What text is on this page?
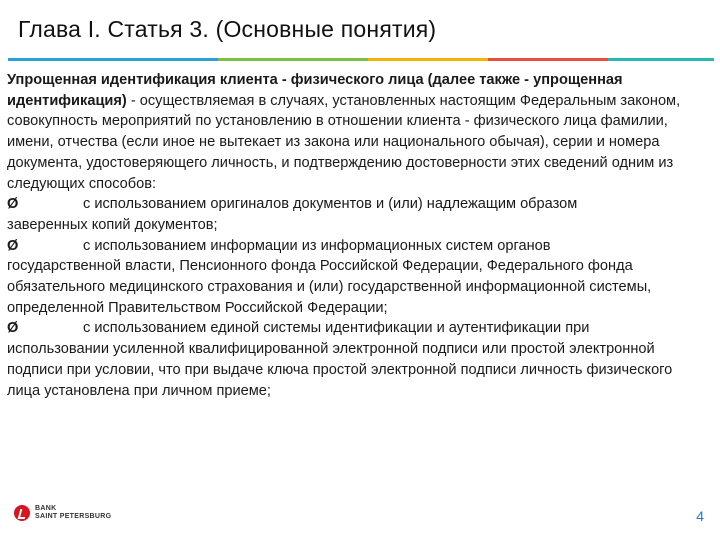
Глава I. Статья 3. (Основные понятия)
Упрощенная идентификация клиента - физического лица (далее также - упрощенная идентификация) - осуществляемая в случаях, установленных настоящим Федеральным законом, совокупность мероприятий по установлению в отношении клиента - физического лица фамилии, имени, отчества (если иное не вытекает из закона или национального обычая), серии и номера документа, удостоверяющего личность, и подтверждению достоверности этих сведений одним из следующих способов:
Ø	с использованием оригиналов документов и (или) надлежащим образом
заверенных копий документов;
Ø	с использованием информации из информационных систем органов
государственной власти, Пенсионного фонда Российской Федерации, Федерального фонда обязательного медицинского страхования и (или) государственной информационной системы, определенной Правительством Российской Федерации;
Ø	с использованием единой системы идентификации и аутентификации при
использовании усиленной квалифицированной электронной подписи или простой электронной подписи при условии, что при выдаче ключа простой электронной подписи личность физического лица установлена при личном приеме;
BANK
SAINT PETERSBURG	4
